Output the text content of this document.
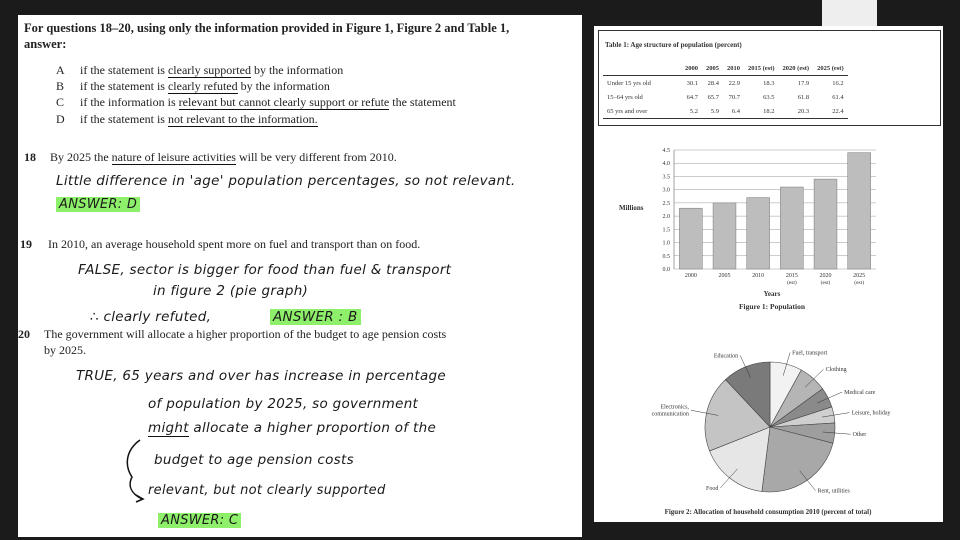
For questions 18–20, using only the information provided in Figure 1, Figure 2 and Table 1,
answer:
A if the statement is clearly supported by the information
B if the statement is clearly refuted by the information
C if the information is relevant but cannot clearly support or refute the statement
D if the statement is not relevant to the information.
18 By 2025 the nature of leisure activities will be very different from 2010.
Little difference in 'age' population percentages, so not relevant.
ANSWER: D
19 In 2010, an average household spent more on fuel and transport than on food.
FALSE, sector is bigger for food than fuel & transport
in figure 2 (pie graph)
∴ clearly refuted,	ANSWER : B
20 The government will allocate a higher proportion of the budget to age pension costs
by 2025.
TRUE, 65 years and over has increase in percentage
of population by 2025, so government
might allocate a higher proportion of the
budget to age pension costs
relevant, but not clearly supported
ANSWER: C
Table 1: Age structure of population (percent)
	2000	2005	2010	2015 (est)	2020 (est)	2025 (est)
Under 15 yrs old	30.1	28.4	22.9	18.3	17.9	16.2
15–64 yrs old	64.7	65.7	70.7	63.5	61.8	61.4
65 yrs and over	5.2	5.9	6.4	18.2	20.3	22.4
0.0
0.5
1.0
1.5
2.0
2.5
3.0
3.5
4.0
4.5
2000	2005	2010	2015
(est)
2020
(est)
2025
(est)
Millions
Years
Figure 1: Population
Fuel, transport
Clothing
Medical care
Leisure, holiday
Other
Rent, utilities
Food
Electronics,
communication
Education
Figure 2: Allocation of household consumption 2010 (percent of total)
